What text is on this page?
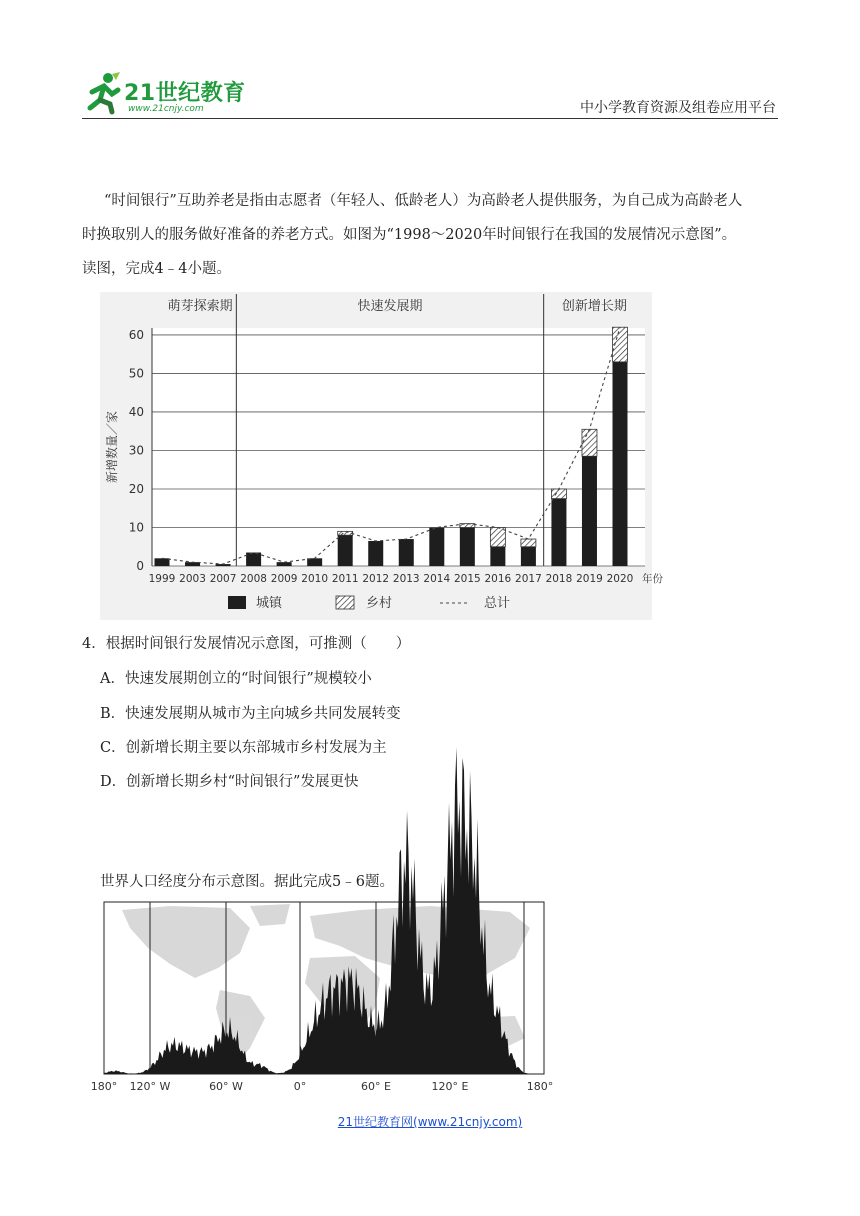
21世纪教育
www.21cnjy.com	中小学教育资源及组卷应用平台

“时间银行”互助养老是指由志愿者（年轻人、低龄老人）为高龄老人提供服务，为自己成为高龄老人

时换取别人的服务做好准备的养老方式。如图为“1998～2020年时间银行在我国的发展情况示意图”。

读图，完成4﹣4小题。

0
10
20
30
40
50
60
新增数量／家
萌芽探索期	快速发展期	创新增长期
1999 2003 2007 2008 2009 2010 2011 2012 2013 2014 2015 2016 2017 2018 2019 2020 年份
城镇	乡村	总计
4．根据时间银行发展情况示意图，可推测（　　）
A．快速发展期创立的“时间银行”规模较小
B．快速发展期从城市为主向城乡共同发展转变
C．创新增长期主要以东部城市乡村发展为主
D．创新增长期乡村“时间银行”发展更快
世界人口经度分布示意图。据此完成5﹣6题。
180° 120° W	60° W	0°	60° E	120° E	180°
21世纪教育网(www.21cnjy.com)
